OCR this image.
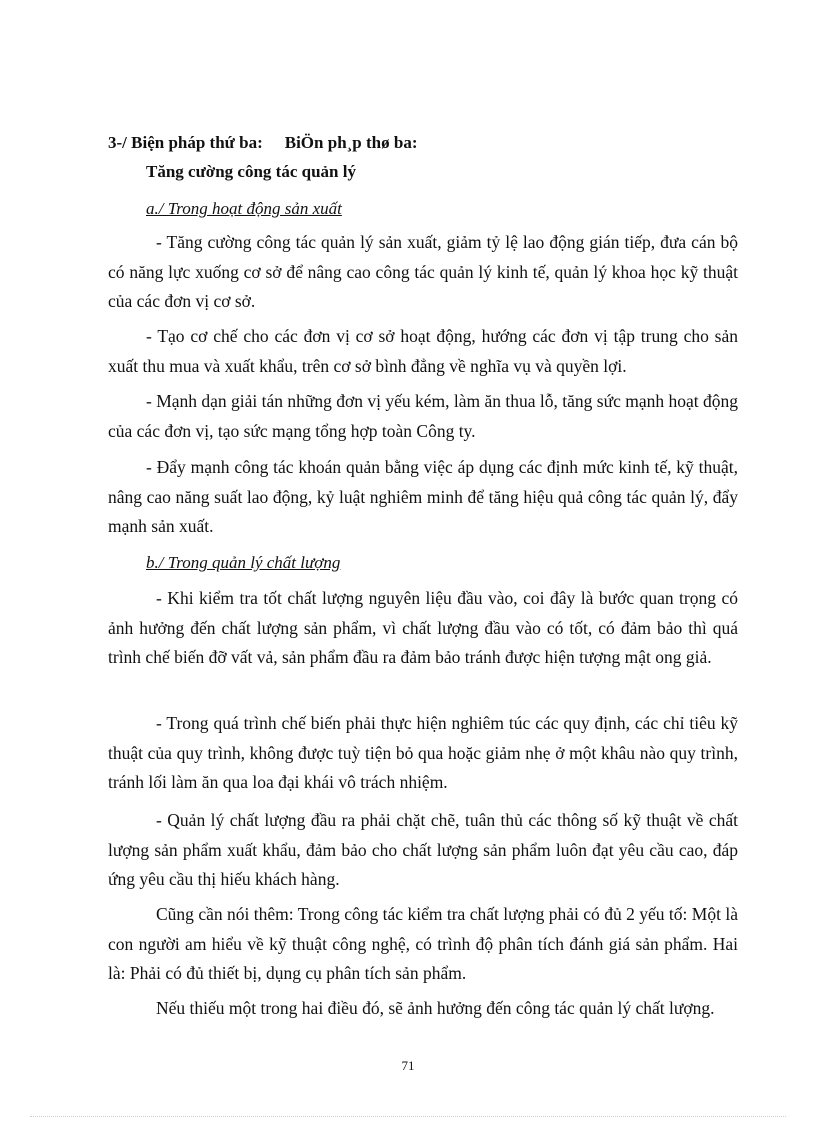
3-/ Biện pháp thứ ba: BiÖn ph¸p thø ba:
Tăng cường công tác quản lý
a./ Trong hoạt động sản xuất

- Tăng cường công tác quản lý sản xuất, giảm tỷ lệ lao động gián tiếp, đưa cán bộ có năng lực xuống cơ sở để nâng cao công tác quản lý kinh tế, quản lý khoa học kỹ thuật của các đơn vị cơ sở.

- Tạo cơ chế cho các đơn vị cơ sở hoạt động, hướng các đơn vị tập trung cho sản xuất thu mua và xuất khẩu, trên cơ sở bình đẳng về nghĩa vụ và quyền lợi.

- Mạnh dạn giải tán những đơn vị yếu kém, làm ăn thua lỗ, tăng sức mạnh hoạt động của các đơn vị, tạo sức mạng tổng hợp toàn Công ty.

- Đẩy mạnh công tác khoán quản bằng việc áp dụng các định mức kinh tế, kỹ thuật, nâng cao năng suất lao động, kỷ luật nghiêm minh để tăng hiệu quả công tác quản lý, đẩy mạnh sản xuất.

b./ Trong quản lý chất lượng

- Khi kiểm tra tốt chất lượng nguyên liệu đầu vào, coi đây là bước quan trọng có ảnh hưởng đến chất lượng sản phẩm, vì chất lượng đầu vào có tốt, có đảm bảo thì quá trình chế biến đỡ vất vả, sản phẩm đầu ra đảm bảo tránh được hiện tượng mật ong giả.

- Trong quá trình chế biến phải thực hiện nghiêm túc các quy định, các chỉ tiêu kỹ thuật của quy trình, không được tuỳ tiện bỏ qua hoặc giảm nhẹ ở một khâu nào quy trình, tránh lối làm ăn qua loa đại khái vô trách nhiệm.

- Quản lý chất lượng đầu ra phải chặt chẽ, tuân thủ các thông số kỹ thuật về chất lượng sản phẩm xuất khẩu, đảm bảo cho chất lượng sản phẩm luôn đạt yêu cầu cao, đáp ứng yêu cầu thị hiếu khách hàng.

Cũng cần nói thêm: Trong công tác kiểm tra chất lượng phải có đủ 2 yếu tố: Một là con người am hiểu về kỹ thuật công nghệ, có trình độ phân tích đánh giá sản phẩm. Hai là: Phải có đủ thiết bị, dụng cụ phân tích sản phẩm.

Nếu thiếu một trong hai điều đó, sẽ ảnh hưởng đến công tác quản lý chất lượng.

71
